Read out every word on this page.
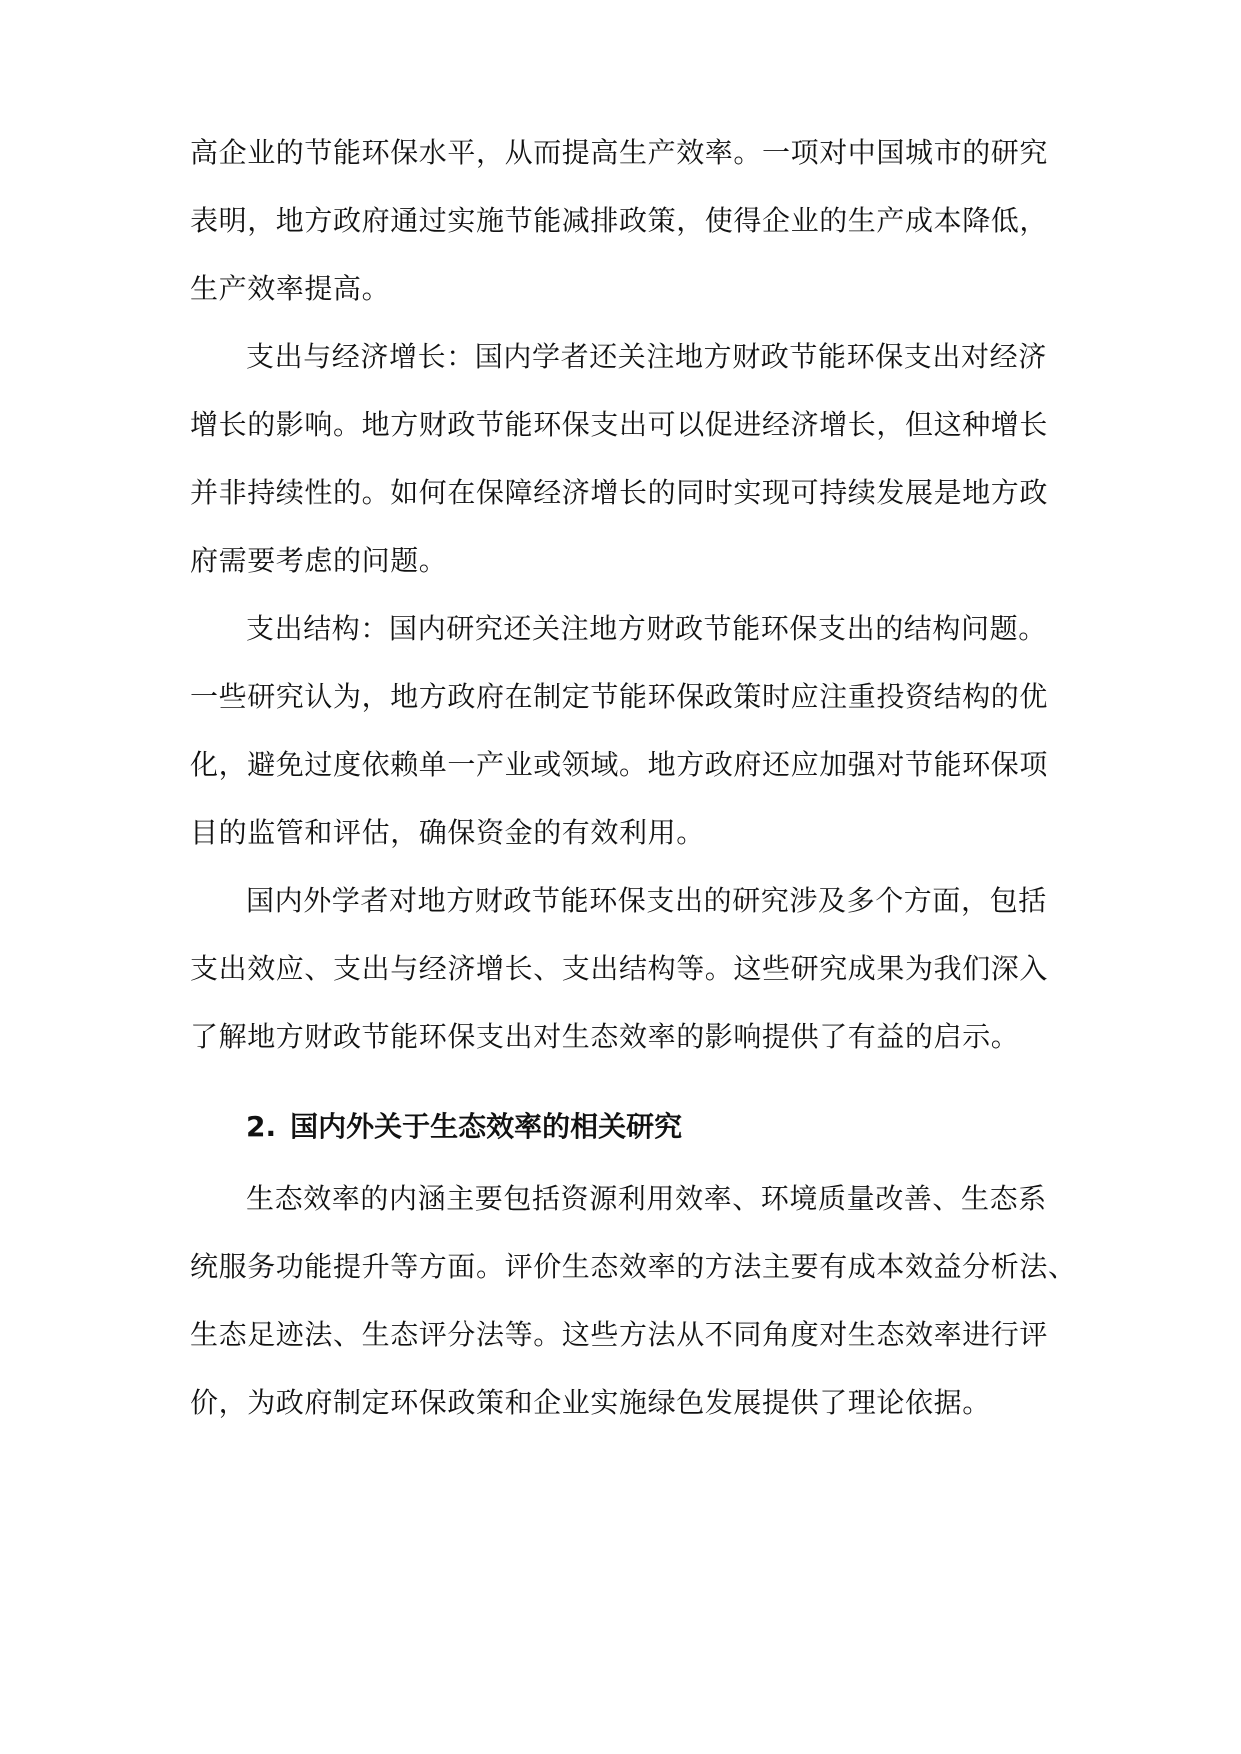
高企业的节能环保水平，从而提高生产效率。一项对中国城市的研究
表明，地方政府通过实施节能减排政策，使得企业的生产成本降低，
生产效率提高。
支出与经济增长：国内学者还关注地方财政节能环保支出对经济
增长的影响。地方财政节能环保支出可以促进经济增长，但这种增长
并非持续性的。如何在保障经济增长的同时实现可持续发展是地方政
府需要考虑的问题。
支出结构：国内研究还关注地方财政节能环保支出的结构问题。
一些研究认为，地方政府在制定节能环保政策时应注重投资结构的优
化，避免过度依赖单一产业或领域。地方政府还应加强对节能环保项
目的监管和评估，确保资金的有效利用。
国内外学者对地方财政节能环保支出的研究涉及多个方面，包括
支出效应、支出与经济增长、支出结构等。这些研究成果为我们深入
了解地方财政节能环保支出对生态效率的影响提供了有益的启示。
2. 国内外关于生态效率的相关研究
生态效率的内涵主要包括资源利用效率、环境质量改善、生态系
统服务功能提升等方面。评价生态效率的方法主要有成本效益分析法、
生态足迹法、生态评分法等。这些方法从不同角度对生态效率进行评
价，为政府制定环保政策和企业实施绿色发展提供了理论依据。
